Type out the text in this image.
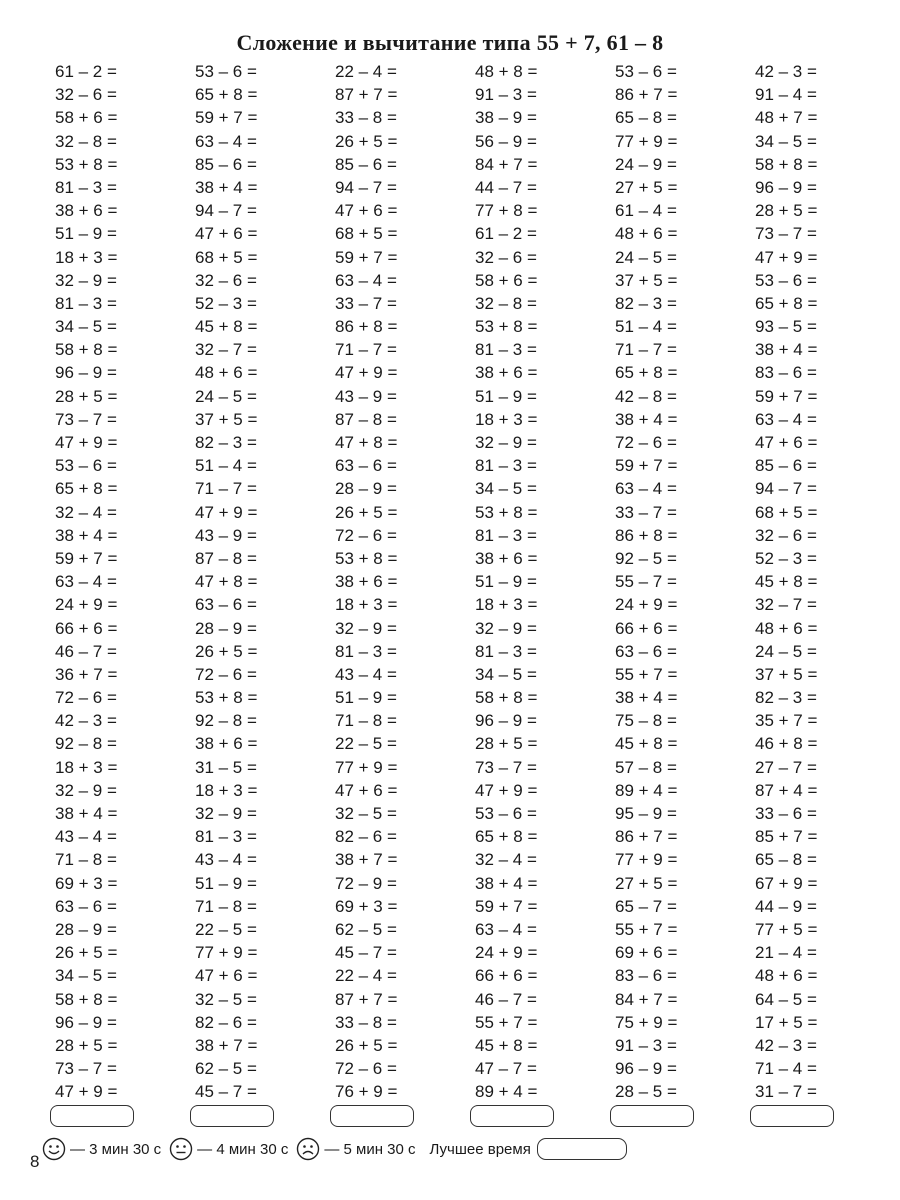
Сложение и вычитание типа 55 + 7, 61 – 8
61 – 2 =
32 – 6 =
58 + 6 =
32 – 8 =
53 + 8 =
81 – 3 =
38 + 6 =
51 – 9 =
18 + 3 =
32 – 9 =
81 – 3 =
34 – 5 =
58 + 8 =
96 – 9 =
28 + 5 =
73 – 7 =
47 + 9 =
53 – 6 =
65 + 8 =
32 – 4 =
38 + 4 =
59 + 7 =
63 – 4 =
24 + 9 =
66 + 6 =
46 – 7 =
36 + 7 =
72 – 6 =
42 – 3 =
92 – 8 =
18 + 3 =
32 – 9 =
38 + 4 =
43 – 4 =
71 – 8 =
69 + 3 =
63 – 6 =
28 – 9 =
26 + 5 =
34 – 5 =
58 + 8 =
96 – 9 =
28 + 5 =
73 – 7 =
47 + 9 =
53 – 6 =
65 + 8 =
59 + 7 =
63 – 4 =
85 – 6 =
38 + 4 =
94 – 7 =
47 + 6 =
68 + 5 =
32 – 6 =
52 – 3 =
45 + 8 =
32 – 7 =
48 + 6 =
24 – 5 =
37 + 5 =
82 – 3 =
51 – 4 =
71 – 7 =
47 + 9 =
43 – 9 =
87 – 8 =
47 + 8 =
63 – 6 =
28 – 9 =
26 + 5 =
72 – 6 =
53 + 8 =
92 – 8 =
38 + 6 =
31 – 5 =
18 + 3 =
32 – 9 =
81 – 3 =
43 – 4 =
51 – 9 =
71 – 8 =
22 – 5 =
77 + 9 =
47 + 6 =
32 – 5 =
82 – 6 =
38 + 7 =
62 – 5 =
45 – 7 =
22 – 4 =
87 + 7 =
33 – 8 =
26 + 5 =
85 – 6 =
94 – 7 =
47 + 6 =
68 + 5 =
59 + 7 =
63 – 4 =
33 – 7 =
86 + 8 =
71 – 7 =
47 + 9 =
43 – 9 =
87 – 8 =
47 + 8 =
63 – 6 =
28 – 9 =
26 + 5 =
72 – 6 =
53 + 8 =
38 + 6 =
18 + 3 =
32 – 9 =
81 – 3 =
43 – 4 =
51 – 9 =
71 – 8 =
22 – 5 =
77 + 9 =
47 + 6 =
32 – 5 =
82 – 6 =
38 + 7 =
72 – 9 =
69 + 3 =
62 – 5 =
45 – 7 =
22 – 4 =
87 + 7 =
33 – 8 =
26 + 5 =
72 – 6 =
76 + 9 =
48 + 8 =
91 – 3 =
38 – 9 =
56 – 9 =
84 + 7 =
44 – 7 =
77 + 8 =
61 – 2 =
32 – 6 =
58 + 6 =
32 – 8 =
53 + 8 =
81 – 3 =
38 + 6 =
51 – 9 =
18 + 3 =
32 – 9 =
81 – 3 =
34 – 5 =
53 + 8 =
81 – 3 =
38 + 6 =
51 – 9 =
18 + 3 =
32 – 9 =
81 – 3 =
34 – 5 =
58 + 8 =
96 – 9 =
28 + 5 =
73 – 7 =
47 + 9 =
53 – 6 =
65 + 8 =
32 – 4 =
38 + 4 =
59 + 7 =
63 – 4 =
24 + 9 =
66 + 6 =
46 – 7 =
55 + 7 =
45 + 8 =
47 – 7 =
89 + 4 =
53 – 6 =
86 + 7 =
65 – 8 =
77 + 9 =
24 – 9 =
27 + 5 =
61 – 4 =
48 + 6 =
24 – 5 =
37 + 5 =
82 – 3 =
51 – 4 =
71 – 7 =
65 + 8 =
42 – 8 =
38 + 4 =
72 – 6 =
59 + 7 =
63 – 4 =
33 – 7 =
86 + 8 =
92 – 5 =
55 – 7 =
24 + 9 =
66 + 6 =
63 – 6 =
55 + 7 =
38 + 4 =
75 – 8 =
45 + 8 =
57 – 8 =
89 + 4 =
95 – 9 =
86 + 7 =
77 + 9 =
27 + 5 =
65 – 7 =
55 + 7 =
69 + 6 =
83 – 6 =
84 + 7 =
75 + 9 =
91 – 3 =
96 – 9 =
28 – 5 =
42 – 3 =
91 – 4 =
48 + 7 =
34 – 5 =
58 + 8 =
96 – 9 =
28 + 5 =
73 – 7 =
47 + 9 =
53 – 6 =
65 + 8 =
93 – 5 =
38 + 4 =
83 – 6 =
59 + 7 =
63 – 4 =
47 + 6 =
85 – 6 =
94 – 7 =
68 + 5 =
32 – 6 =
52 – 3 =
45 + 8 =
32 – 7 =
48 + 6 =
24 – 5 =
37 + 5 =
82 – 3 =
35 + 7 =
46 + 8 =
27 – 7 =
87 + 4 =
33 – 6 =
85 + 7 =
65 – 8 =
67 + 9 =
44 – 9 =
77 + 5 =
21 – 4 =
48 + 6 =
64 – 5 =
17 + 5 =
42 – 3 =
71 – 4 =
31 – 7 =
— 3 мин 30 с — 4 мин 30 с — 5 мин 30 с Лучшее время
8
